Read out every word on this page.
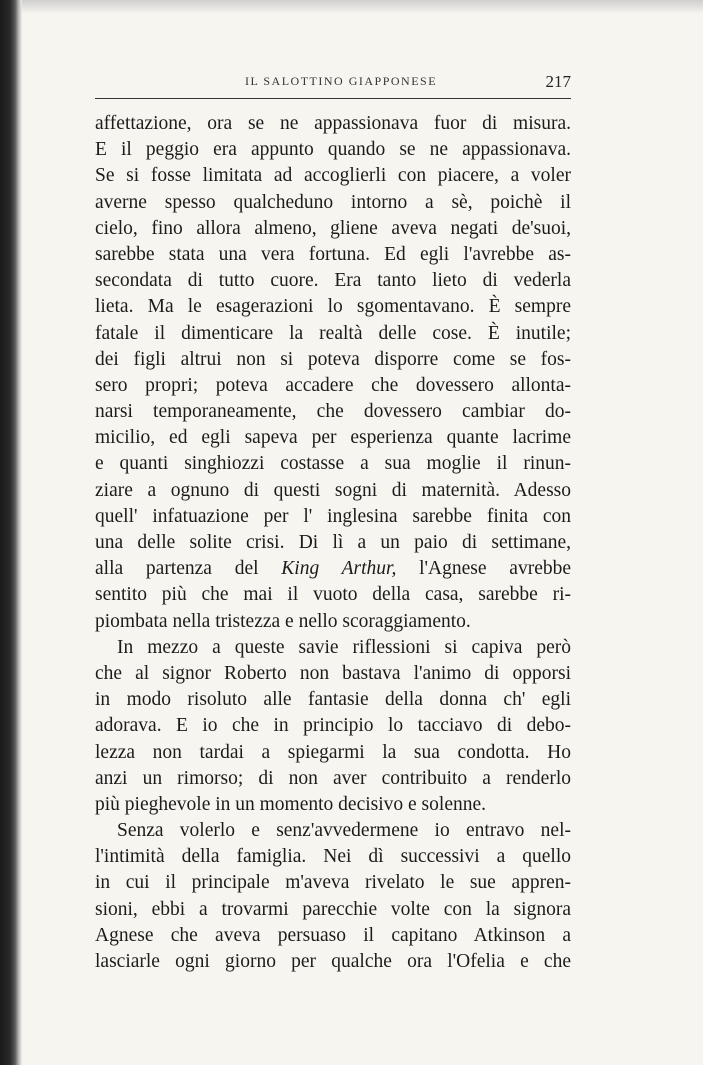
IL SALOTTINO GIAPPONESE	217
affettazione, ora se ne appassionava fuor di misura.
E il peggio era appunto quando se ne appassionava.
Se si fosse limitata ad accoglierli con piacere, a voler
averne spesso qualcheduno intorno a sè, poichè il
cielo, fino allora almeno, gliene aveva negati de'suoi,
sarebbe stata una vera fortuna. Ed egli l'avrebbe as-
secondata di tutto cuore. Era tanto lieto di vederla
lieta. Ma le esagerazioni lo sgomentavano. È sempre
fatale il dimenticare la realtà delle cose. È inutile;
dei figli altrui non si poteva disporre come se fos-
sero propri; poteva accadere che dovessero allonta-
narsi temporaneamente, che dovessero cambiar do-
micilio, ed egli sapeva per esperienza quante lacrime
e quanti singhiozzi costasse a sua moglie il rinun-
ziare a ognuno di questi sogni di maternità. Adesso
quell' infatuazione per l' inglesina sarebbe finita con
una delle solite crisi. Di lì a un paio di settimane,
alla partenza del King Arthur, l'Agnese avrebbe
sentito più che mai il vuoto della casa, sarebbe ri-
piombata nella tristezza e nello scoraggiamento.
In mezzo a queste savie riflessioni si capiva però
che al signor Roberto non bastava l'animo di opporsi
in modo risoluto alle fantasie della donna ch' egli
adorava. E io che in principio lo tacciavo di debo-
lezza non tardai a spiegarmi la sua condotta. Ho
anzi un rimorso; di non aver contribuito a renderlo
più pieghevole in un momento decisivo e solenne.
Senza volerlo e senz'avvedermene io entravo nel-
l'intimità della famiglia. Nei dì successivi a quello
in cui il principale m'aveva rivelato le sue appren-
sioni, ebbi a trovarmi parecchie volte con la signora
Agnese che aveva persuaso il capitano Atkinson a
lasciarle ogni giorno per qualche ora l'Ofelia e che
